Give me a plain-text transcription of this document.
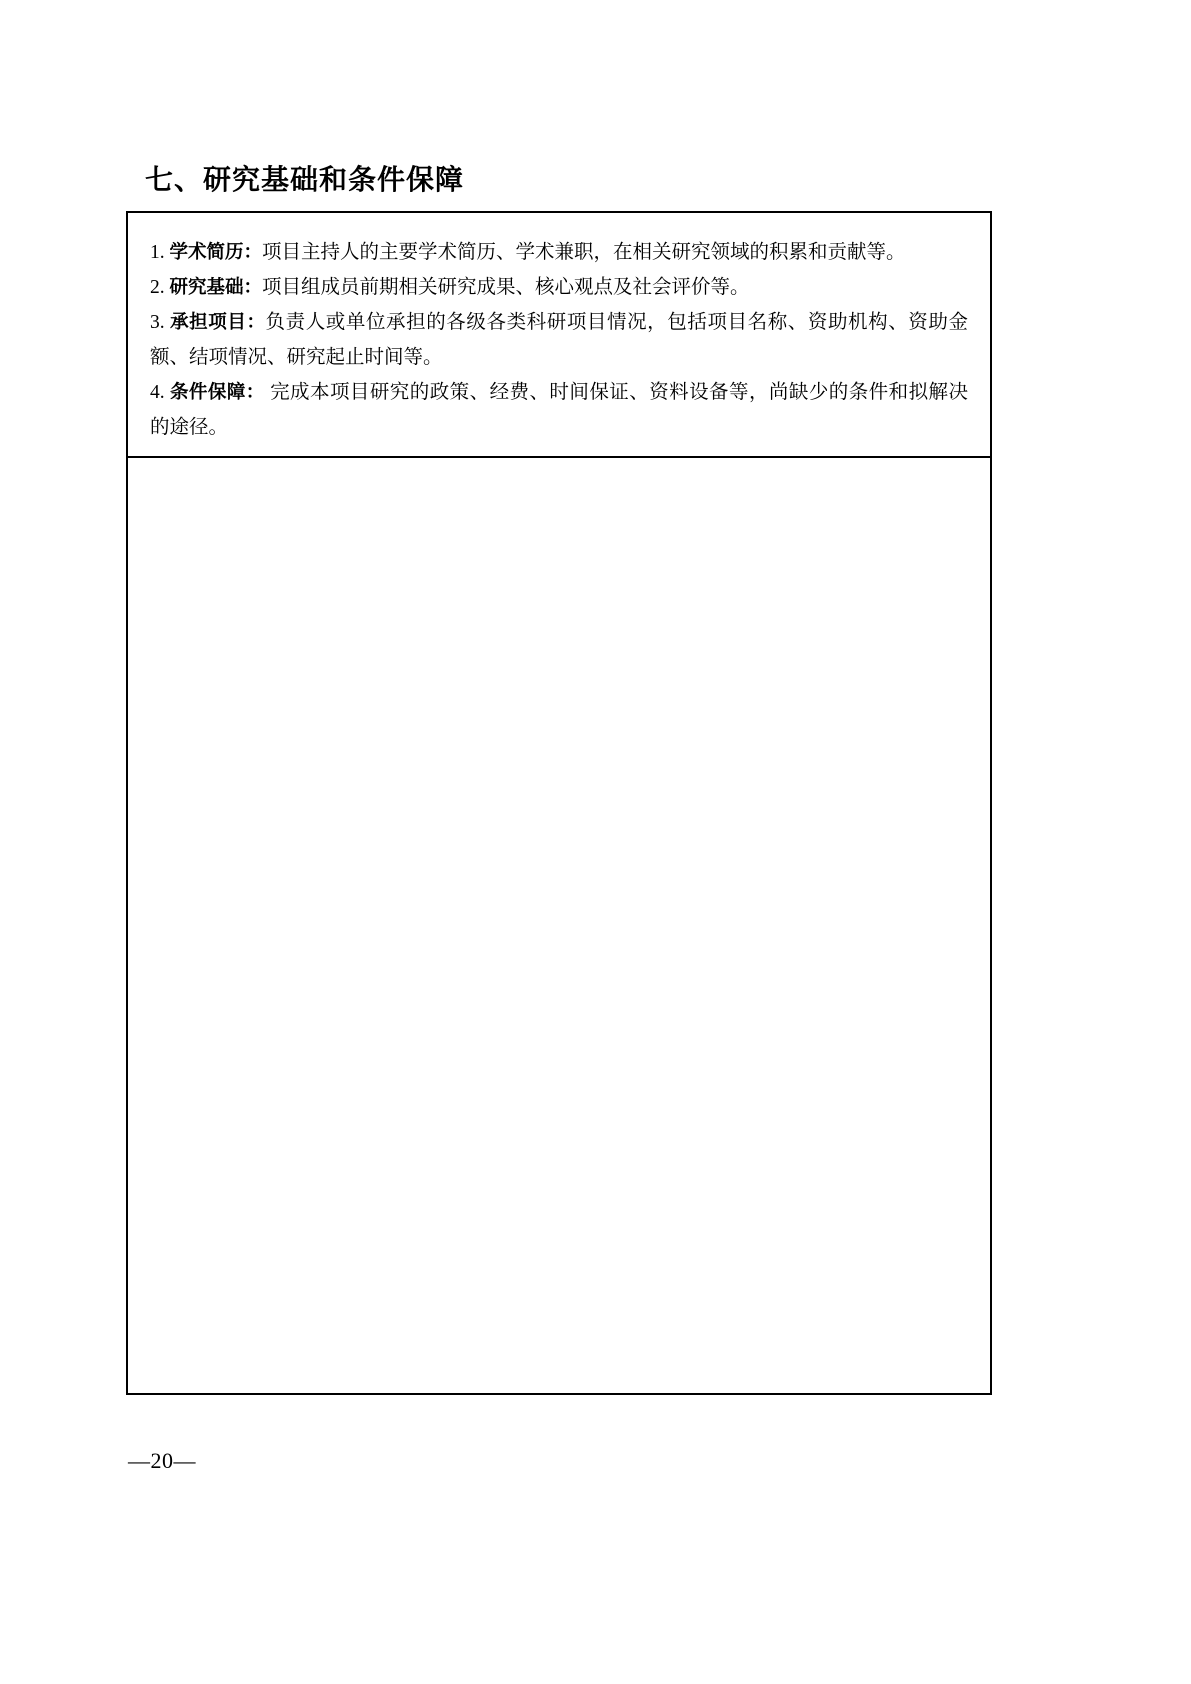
七、研究基础和条件保障
1. 学术简历：项目主持人的主要学术简历、学术兼职，在相关研究领域的积累和贡献等。
2. 研究基础：项目组成员前期相关研究成果、核心观点及社会评价等。
3. 承担项目：负责人或单位承担的各级各类科研项目情况，包括项目名称、资助机构、资助金额、结项情况、研究起止时间等。
4. 条件保障： 完成本项目研究的政策、经费、时间保证、资料设备等，尚缺少的条件和拟解决的途径。
—20—
